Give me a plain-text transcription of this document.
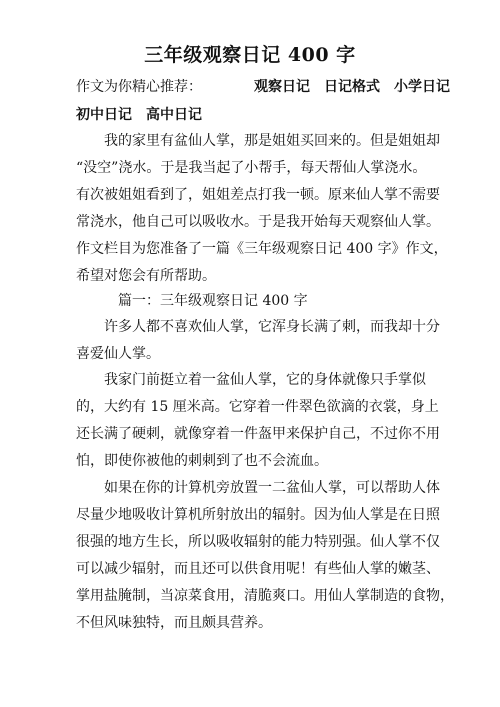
三年级观察日记 400 字
作文为你精心推荐：	观察日记 日记格式 小学日记
初中日记 高中日记
我的家里有盆仙人掌，那是姐姐买回来的。但是姐姐却
“没空”浇水。于是我当起了小帮手，每天帮仙人掌浇水。
有次被姐姐看到了，姐姐差点打我一顿。原来仙人掌不需要
常浇水，他自己可以吸收水。于是我开始每天观察仙人掌。
作文栏目为您准备了一篇《三年级观察日记 400 字》作文，
希望对您会有所帮助。
篇一：三年级观察日记 400 字
许多人都不喜欢仙人掌，它浑身长满了刺，而我却十分
喜爱仙人掌。
我家门前挺立着一盆仙人掌，它的身体就像只手掌似
的，大约有 15 厘米高。它穿着一件翠色欲滴的衣裳，身上
还长满了硬刺，就像穿着一件盔甲来保护自己，不过你不用
怕，即使你被他的刺刺到了也不会流血。
如果在你的计算机旁放置一二盆仙人掌，可以帮助人体
尽量少地吸收计算机所射放出的辐射。因为仙人掌是在日照
很强的地方生长，所以吸收辐射的能力特别强。仙人掌不仅
可以减少辐射，而且还可以供食用呢！有些仙人掌的嫩茎、
掌用盐腌制，当凉菜食用，清脆爽口。用仙人掌制造的食物，
不但风味独特，而且颇具营养。
